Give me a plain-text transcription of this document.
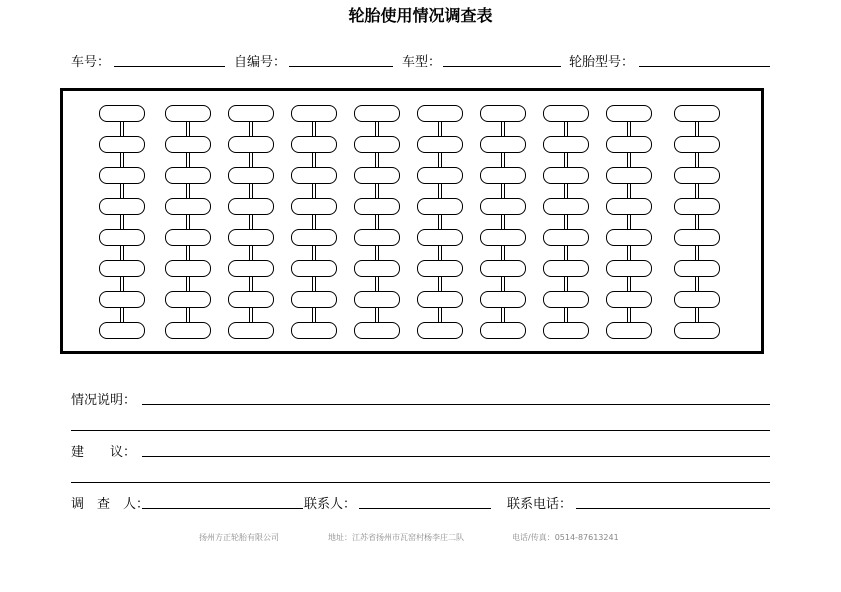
轮胎使用情况调查表
车号：	自编号：	车型：	轮胎型号：
情况说明：
建　　议：
调　查　人：	联系人：	联系电话：
扬州方正轮胎有限公司	地址：江苏省扬州市瓦窑村杨李庄二队	电话/传真：0514-87613241
